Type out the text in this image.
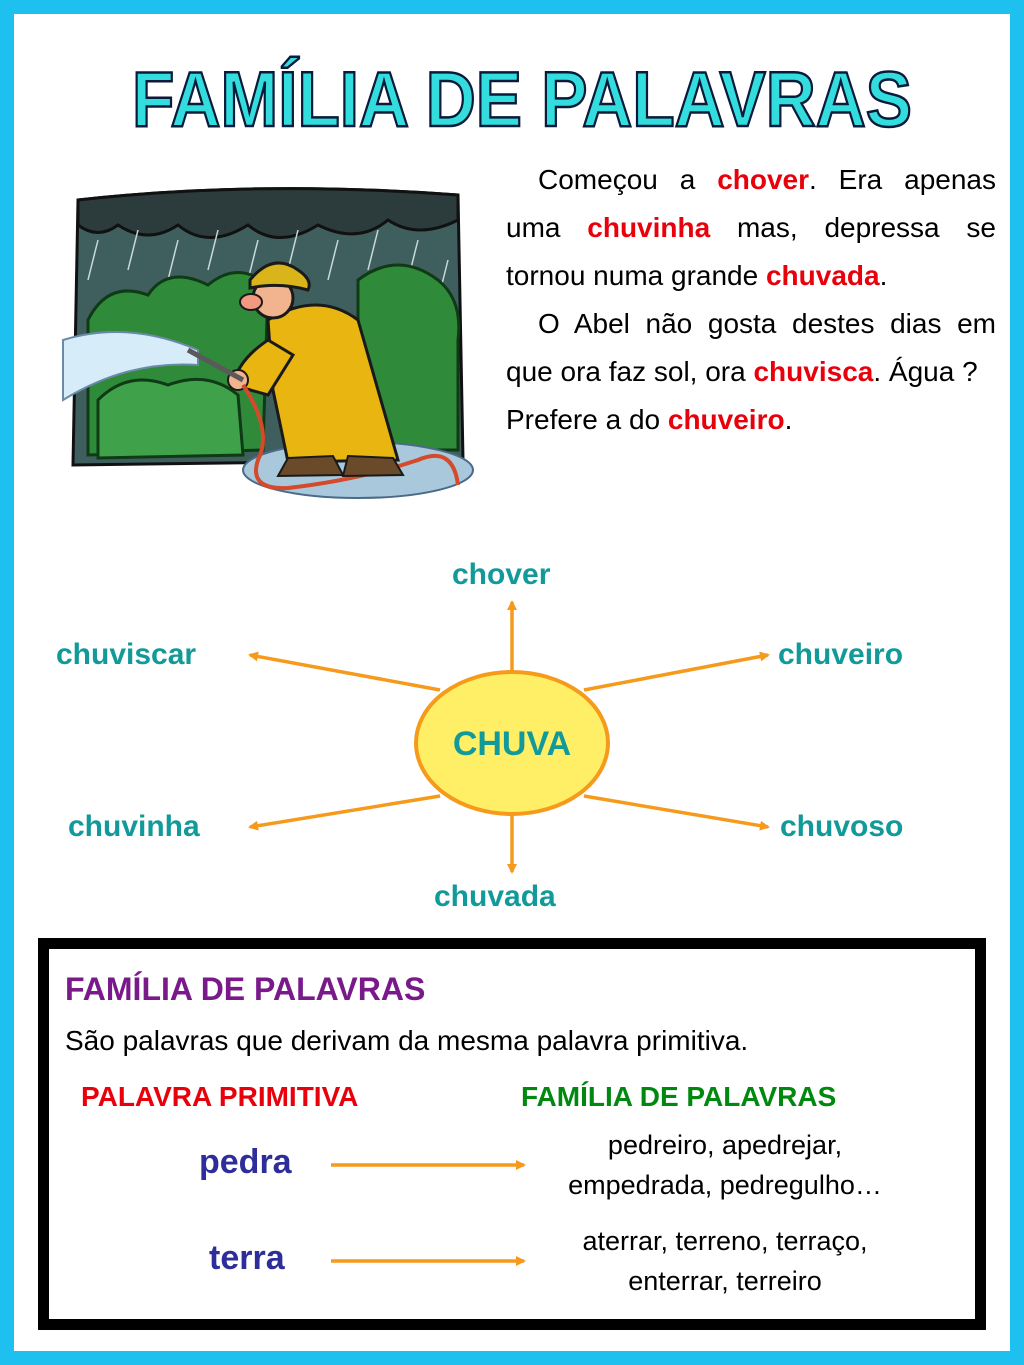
FAMÍLIA DE PALAVRAS

Começou a chover. Era apenas uma chuvinha mas, depressa se tornou numa grande chuvada.

O Abel não gosta destes dias em que ora faz sol, ora chuvisca. Água ?

Prefere a do chuveiro.

CHUVA
chover
chuviscar	chuveiro
chuvinha	chuvoso
chuvada
FAMÍLIA DE PALAVRAS
São palavras que derivam da mesma palavra primitiva.
PALAVRA PRIMITIVA	FAMÍLIA DE PALAVRAS
pedra	pedreiro, apedrejar,
empedrada, pedregulho…
terra	aterrar, terreno, terraço,
enterrar, terreiro
